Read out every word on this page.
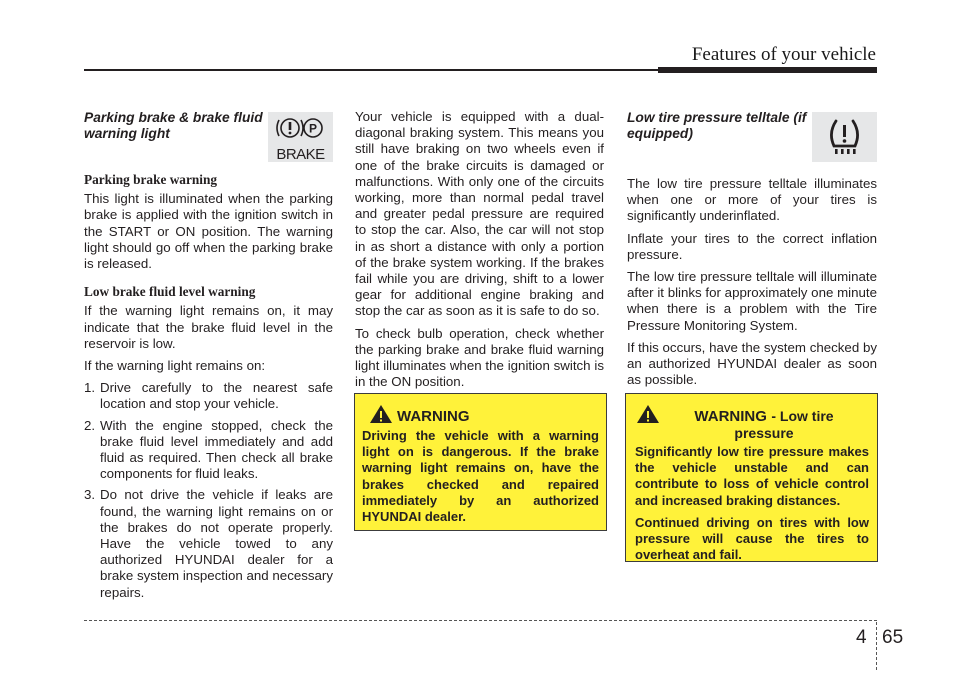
Features of your vehicle
Parking brake & brake fluid warning light
Parking brake warning

This light is illuminated when the parking brake is applied with the ignition switch in the START or ON position. The warning light should go off when the parking brake is released.

Low brake fluid level warning

If the warning light remains on, it may indicate that the brake fluid level in the reservoir is low.

If the warning light remains on:

1. Drive carefully to the nearest safe location and stop your vehicle.
2. With the engine stopped, check the brake fluid level immediately and add fluid as required. Then check all brake components for fluid leaks.
3. Do not drive the vehicle if leaks are found, the warning light remains on or the brakes do not operate properly. Have the vehicle towed to any authorized HYUNDAI dealer for a brake system inspection and necessary repairs.
P
BRAKE

Your vehicle is equipped with a dual-diagonal braking system. This means you still have braking on two wheels even if one of the brake circuits is damaged or malfunctions. With only one of the circuits working, more than normal pedal travel and greater pedal pressure are required to stop the car. Also, the car will not stop in as short a distance with only a portion of the brake system working. If the brakes fail while you are driving, shift to a lower gear for additional engine braking and stop the car as soon as it is safe to do so.

To check bulb operation, check whether the parking brake and brake fluid warning light illuminates when the ignition switch is in the ON position.

WARNING

Driving the vehicle with a warning light on is dangerous. If the brake warning light remains on, have the brakes checked and repaired immediately by an authorized HYUNDAI dealer.

Low tire pressure telltale (if equipped)

The low tire pressure telltale illuminates when one or more of your tires is significantly underinflated.

Inflate your tires to the correct inflation pressure.

The low tire pressure telltale will illuminate after it blinks for approximately one minute when there is a problem with the Tire Pressure Monitoring System.

If this occurs, have the system checked by an authorized HYUNDAI dealer as soon as possible.

WARNING - Low tire pressure

Significantly low tire pressure makes the vehicle unstable and can contribute to loss of vehicle control and increased braking distances.

Continued driving on tires with low pressure will cause the tires to overheat and fail.

4 65
